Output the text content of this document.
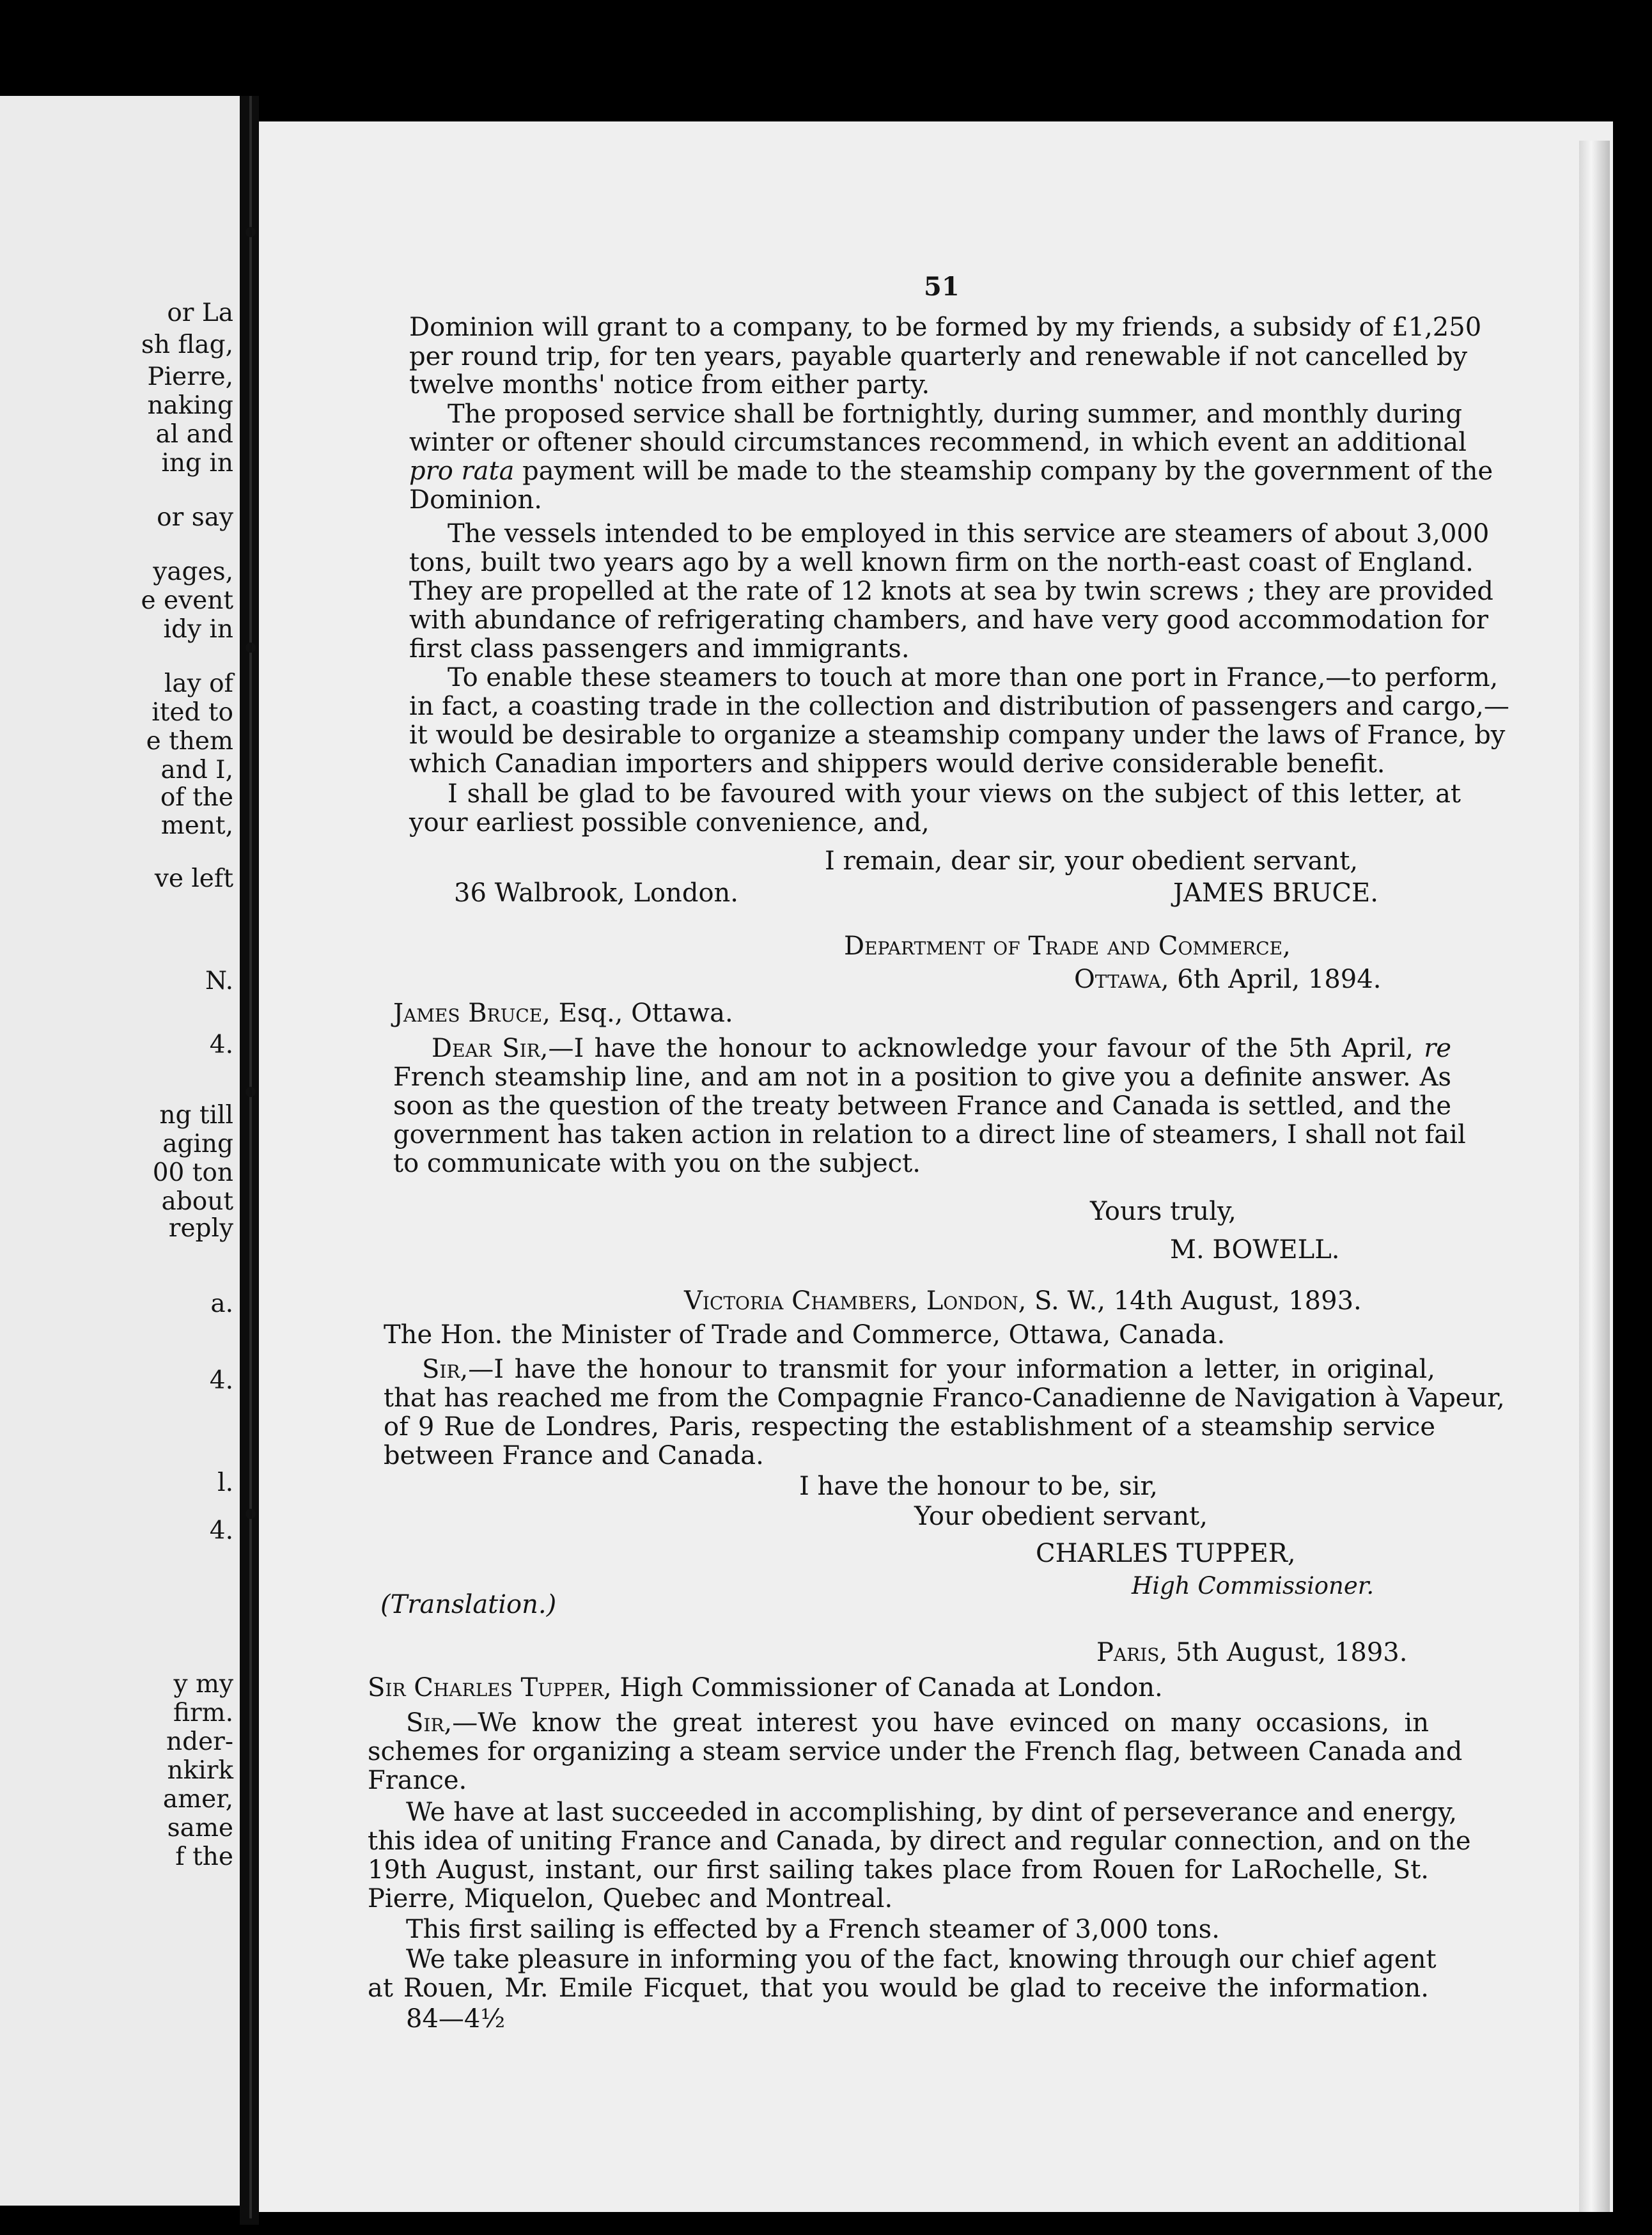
or La
sh flag,
Pierre,
naking
al and
ing in
or say
yages,
e event
idy in
lay of
ited to
e them
and I,
of the
ment,
ve left
N.
4.
ng till
aging
00 ton
about
reply
a.
4.
l.
4.
y my
firm.
nder-
nkirk
amer,
same
f the
51
Dominion will grant to a company, to be formed by my friends, a subsidy of £1,250
per round trip, for ten years, payable quarterly and renewable if not cancelled by
twelve months' notice from either party.
The proposed service shall be fortnightly, during summer, and monthly during
winter or oftener should circumstances recommend, in which event an additional
pro rata payment will be made to the steamship company by the government of the
Dominion.
The vessels intended to be employed in this service are steamers of about 3,000
tons, built two years ago by a well known firm on the north-east coast of England.
They are propelled at the rate of 12 knots at sea by twin screws ; they are provided
with abundance of refrigerating chambers, and have very good accommodation for
first class passengers and immigrants.
To enable these steamers to touch at more than one port in France,—to perform,
in fact, a coasting trade in the collection and distribution of passengers and cargo,—
it would be desirable to organize a steamship company under the laws of France, by
which Canadian importers and shippers would derive considerable benefit.
I shall be glad to be favoured with your views on the subject of this letter, at
your earliest possible convenience, and,
I remain, dear sir, your obedient servant,
36 Walbrook, London.	JAMES BRUCE.
Department of Trade and Commerce,
Ottawa, 6th April, 1894.
James Bruce, Esq., Ottawa.
Dear Sir,—I have the honour to acknowledge your favour of the 5th April, re
French steamship line, and am not in a position to give you a definite answer. As
soon as the question of the treaty between France and Canada is settled, and the
government has taken action in relation to a direct line of steamers, I shall not fail
to communicate with you on the subject.
Yours truly,
M. BOWELL.
Victoria Chambers, London, S. W., 14th August, 1893.
The Hon. the Minister of Trade and Commerce, Ottawa, Canada.
Sir,—I have the honour to transmit for your information a letter, in original,
that has reached me from the Compagnie Franco-Canadienne de Navigation à Vapeur,
of 9 Rue de Londres, Paris, respecting the establishment of a steamship service
between France and Canada.
I have the honour to be, sir,
Your obedient servant,
CHARLES TUPPER,
High Commissioner.
(Translation.)
Paris, 5th August, 1893.
Sir Charles Tupper, High Commissioner of Canada at London.
Sir,—We know the great interest you have evinced on many occasions, in
schemes for organizing a steam service under the French flag, between Canada and
France.
We have at last succeeded in accomplishing, by dint of perseverance and energy,
this idea of uniting France and Canada, by direct and regular connection, and on the
19th August, instant, our first sailing takes place from Rouen for LaRochelle, St.
Pierre, Miquelon, Quebec and Montreal.
This first sailing is effected by a French steamer of 3,000 tons.
We take pleasure in informing you of the fact, knowing through our chief agent
at Rouen, Mr. Emile Ficquet, that you would be glad to receive the information.
84—4½
